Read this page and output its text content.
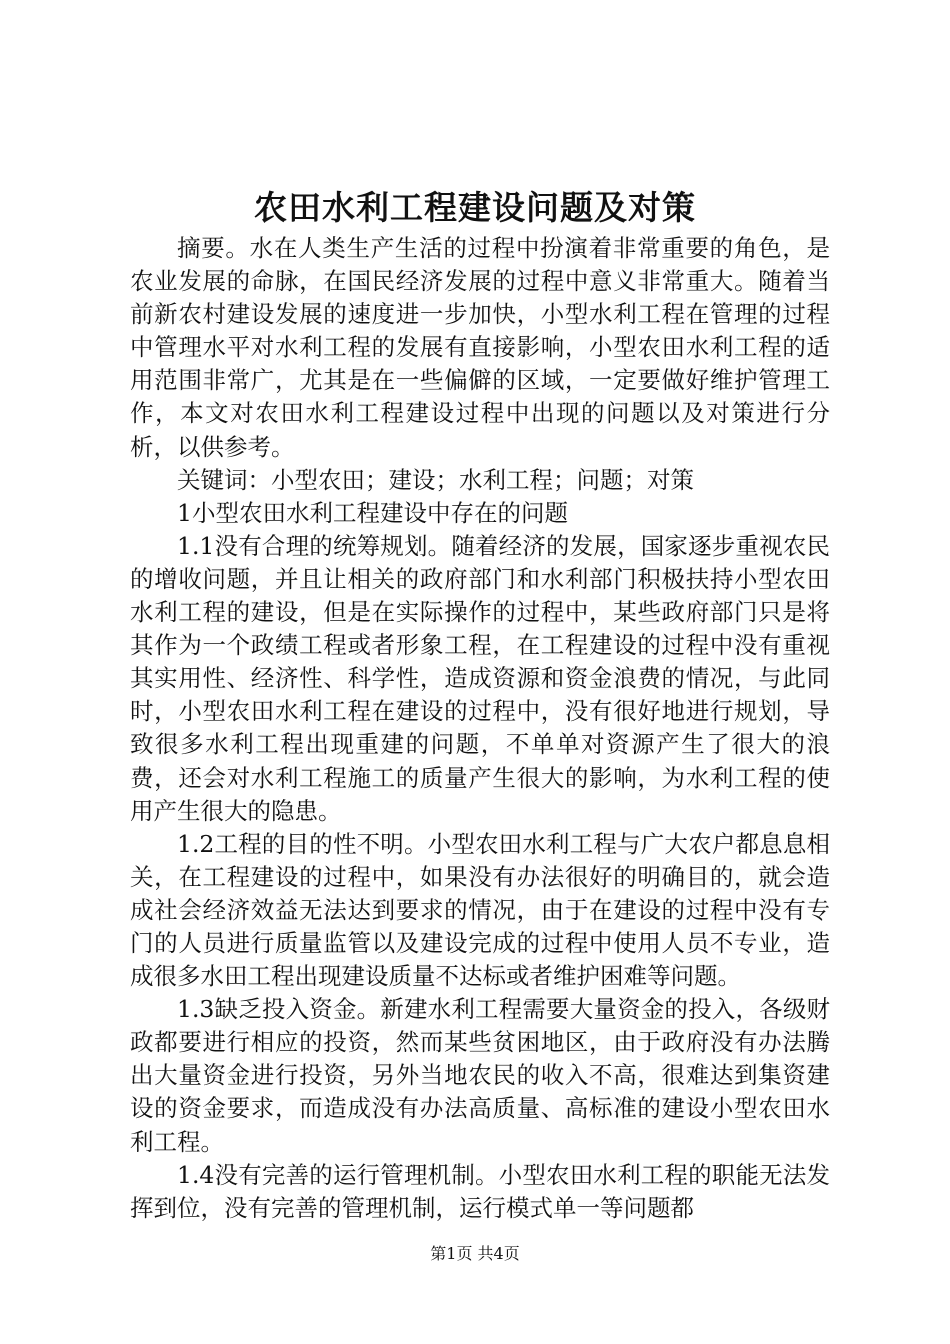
农田水利工程建设问题及对策

摘要。水在人类生产生活的过程中扮演着非常重要的角色，是农业发展的命脉，在国民经济发展的过程中意义非常重大。随着当前新农村建设发展的速度进一步加快，小型水利工程在管理的过程中管理水平对水利工程的发展有直接影响，小型农田水利工程的适用范围非常广，尤其是在一些偏僻的区域，一定要做好维护管理工作，本文对农田水利工程建设过程中出现的问题以及对策进行分析，以供参考。

关键词：小型农田；建设；水利工程；问题；对策

1小型农田水利工程建设中存在的问题

1.1没有合理的统筹规划。随着经济的发展，国家逐步重视农民的增收问题，并且让相关的政府部门和水利部门积极扶持小型农田水利工程的建设，但是在实际操作的过程中，某些政府部门只是将其作为一个政绩工程或者形象工程，在工程建设的过程中没有重视其实用性、经济性、科学性，造成资源和资金浪费的情况，与此同时，小型农田水利工程在建设的过程中，没有很好地进行规划，导致很多水利工程出现重建的问题，不单单对资源产生了很大的浪费，还会对水利工程施工的质量产生很大的影响，为水利工程的使用产生很大的隐患。

1.2工程的目的性不明。小型农田水利工程与广大农户都息息相关，在工程建设的过程中，如果没有办法很好的明确目的，就会造成社会经济效益无法达到要求的情况，由于在建设的过程中没有专门的人员进行质量监管以及建设完成的过程中使用人员不专业，造成很多水田工程出现建设质量不达标或者维护困难等问题。

1.3缺乏投入资金。新建水利工程需要大量资金的投入，各级财政都要进行相应的投资，然而某些贫困地区，由于政府没有办法腾出大量资金进行投资，另外当地农民的收入不高，很难达到集资建设的资金要求，而造成没有办法高质量、高标准的建设小型农田水利工程。

1.4没有完善的运行管理机制。小型农田水利工程的职能无法发挥到位，没有完善的管理机制，运行模式单一等问题都

第1页 共4页
